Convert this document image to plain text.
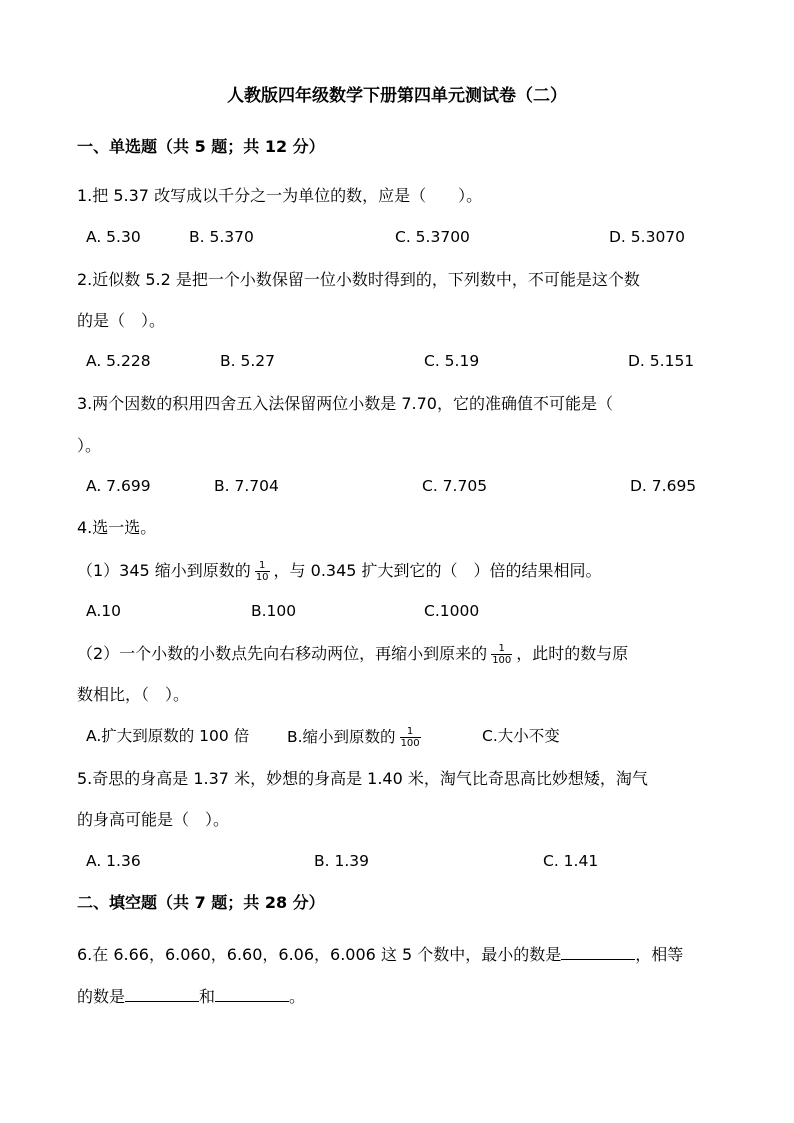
人教版四年级数学下册第四单元测试卷（二）
一、单选题（共 5 题；共 12 分）
1.把 5.37 改写成以千分之一为单位的数，应是（　　）。
A. 5.30	B. 5.370	C. 5.3700	D. 5.3070
2.近似数 5.2 是把一个小数保留一位小数时得到的，下列数中，不可能是这个数
的是（　）。
A. 5.228	B. 5.27	C. 5.19	D. 5.151
3.两个因数的积用四舍五入法保留两位小数是 7.70，它的准确值不可能是（
）。
A. 7.699	B. 7.704	C. 7.705	D. 7.695
4.选一选。
（1）345 缩小到原数的 $\frac{1}{10}$ ，与 0.345 扩大到它的（　）倍的结果相同。
A.10	B.100	C.1000
（2）一个小数的小数点先向右移动两位，再缩小到原来的 $\frac{1}{100}$ ，此时的数与原
数相比，（　）。
A.扩大到原数的 100 倍 B.缩小到原数的 $\frac{1}{100}$	C.大小不变
5.奇思的身高是 1.37 米，妙想的身高是 1.40 米，淘气比奇思高比妙想矮，淘气
的身高可能是（　）。
A. 1.36	B. 1.39	C. 1.41
二、填空题（共 7 题；共 28 分）
6.在 6.66，6.060，6.60，6.06，6.006 这 5 个数中，最小的数是	，相等
的数是	和	。
